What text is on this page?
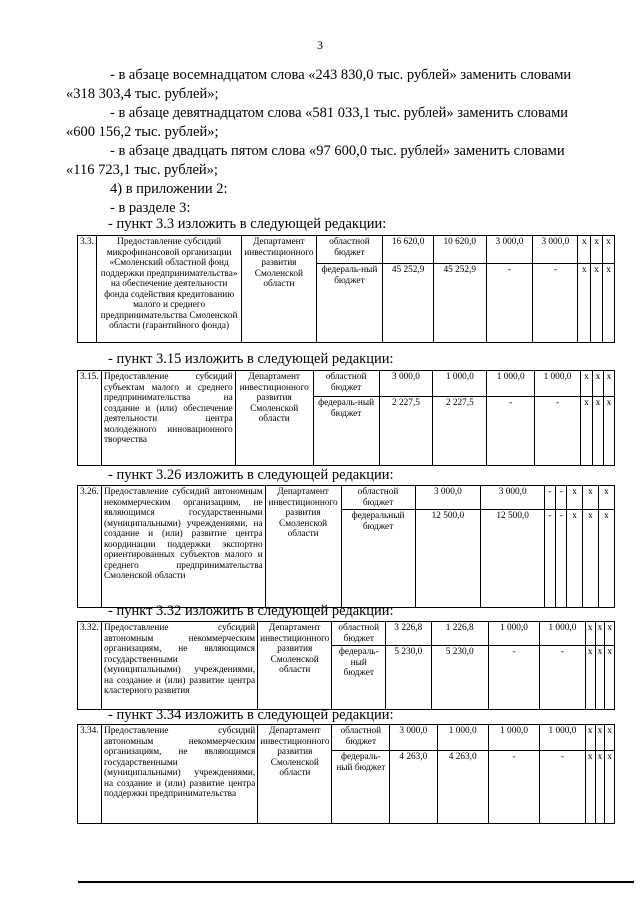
3
- в абзаце восемнадцатом слова «243 830,0 тыс. рублей» заменить словами
«318 303,4 тыс. рублей»;
- в абзаце девятнадцатом слова «581 033,1 тыс. рублей» заменить словами
«600 156,2 тыс. рублей»;
- в абзаце двадцать пятом слова «97 600,0 тыс. рублей» заменить словами
«116 723,1 тыс. рублей»;
4) в приложении 2:
- в разделе 3:
- пункт 3.3 изложить в следующей редакции:
3.3.	Предоставление субсидий микрофинансовой организации «Смоленский областной фонд поддержки предпринимательства» на обеспечение деятельности фонда содействия кредитованию малого и среднего предпринимательства Смоленской области (гарантийного фонда)	Департамент инвестиционного развития Смоленской области	областной бюджет	16 620,0	10 620,0	3 000,0	3 000,0	x	x	x
			федераль-ный бюджет	45 252,9	45 252,9	-	-	x	x	x
- пункт 3.15 изложить в следующей редакции:
3.15.	Предоставление субсидий субъектам малого и среднего предпринимательства на создание и (или) обеспечение деятельности центра молодежного инновационного творчества	Департамент инвестиционного развития Смоленской области	областной бюджет	3 000,0	1 000,0	1 000,0	1 000,0	x	x	x
			федераль-ный бюджет	2 227,5	2 227,5	-	-	x	x	x
- пункт 3.26 изложить в следующей редакции:
3.26.	Предоставление субсидий автономным некоммерческим организациям, не являющимся государственными (муниципальными) учреждениями, на создание и (или) развитие центра координации поддержки экспортно ориентированных субъектов малого и среднего предпринимательства Смоленской области	Департамент инвестиционного развития Смоленской области	областной бюджет	3 000,0	3 000,0	-	-	x	x	x
			федеральный бюджет	12 500,0	12 500,0	-	-	x	x	x
- пункт 3.32 изложить в следующей редакции:
3.32.	Предоставление субсидий автономным некоммерческим организациям, не являющимся государственными (муниципальными) учреждениями, на создание и (или) развитие центра кластерного развития	Департамент инвестиционного развития Смоленской области	областной бюджет	3 226,8	1 226,8	1 000,0	1 000,0	x	x	x
			федераль-ный бюджет	5 230,0	5 230,0	-	-	x	x	x
- пункт 3.34 изложить в следующей редакции:
3.34.	Предоставление субсидий автономным некоммерческим организациям, не являющимся государственными (муниципальными) учреждениями, на создание и (или) развитие центра поддержки предпринимательства	Департамент инвестиционного развития Смоленской области	областной бюджет	3 000,0	1 000,0	1 000,0	1 000,0	x	x	x
			федераль-ный бюджет	4 263,0	4 263,0	-	-	x	x	x
